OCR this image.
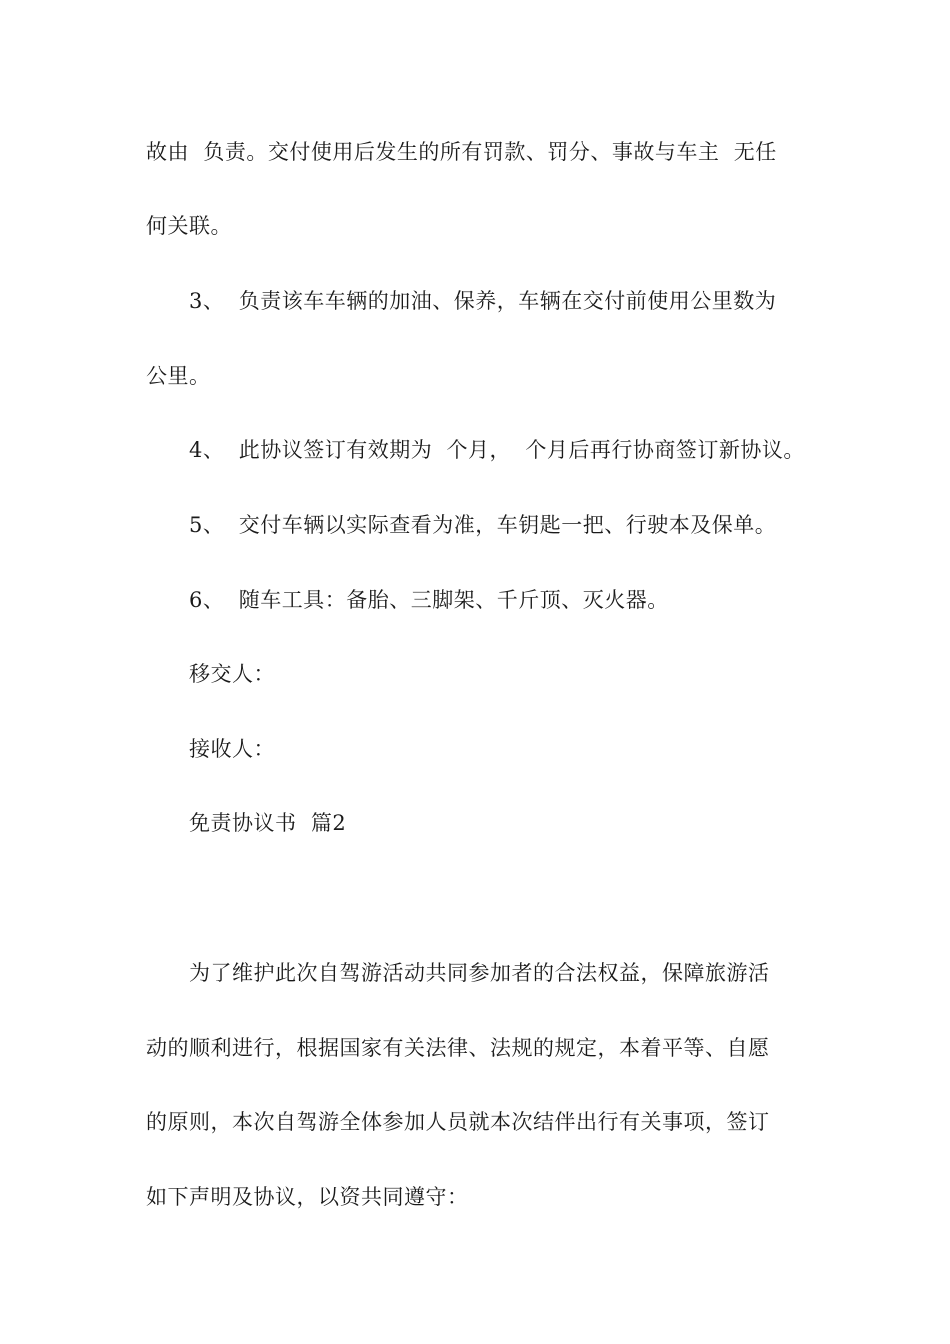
故由  负责。交付使用后发生的所有罚款、罚分、事故与车主  无任
何关联。
3、  负责该车车辆的加油、保养，车辆在交付前使用公里数为
公里。
4、  此协议签订有效期为  个月，  个月后再行协商签订新协议。
5、  交付车辆以实际查看为准，车钥匙一把、行驶本及保单。
6、  随车工具：备胎、三脚架、千斤顶、灭火器。
移交人：
接收人：
免责协议书  篇2
为了维护此次自驾游活动共同参加者的合法权益，保障旅游活
动的顺利进行，根据国家有关法律、法规的规定，本着平等、自愿
的原则，本次自驾游全体参加人员就本次结伴出行有关事项，签订
如下声明及协议，以资共同遵守：
